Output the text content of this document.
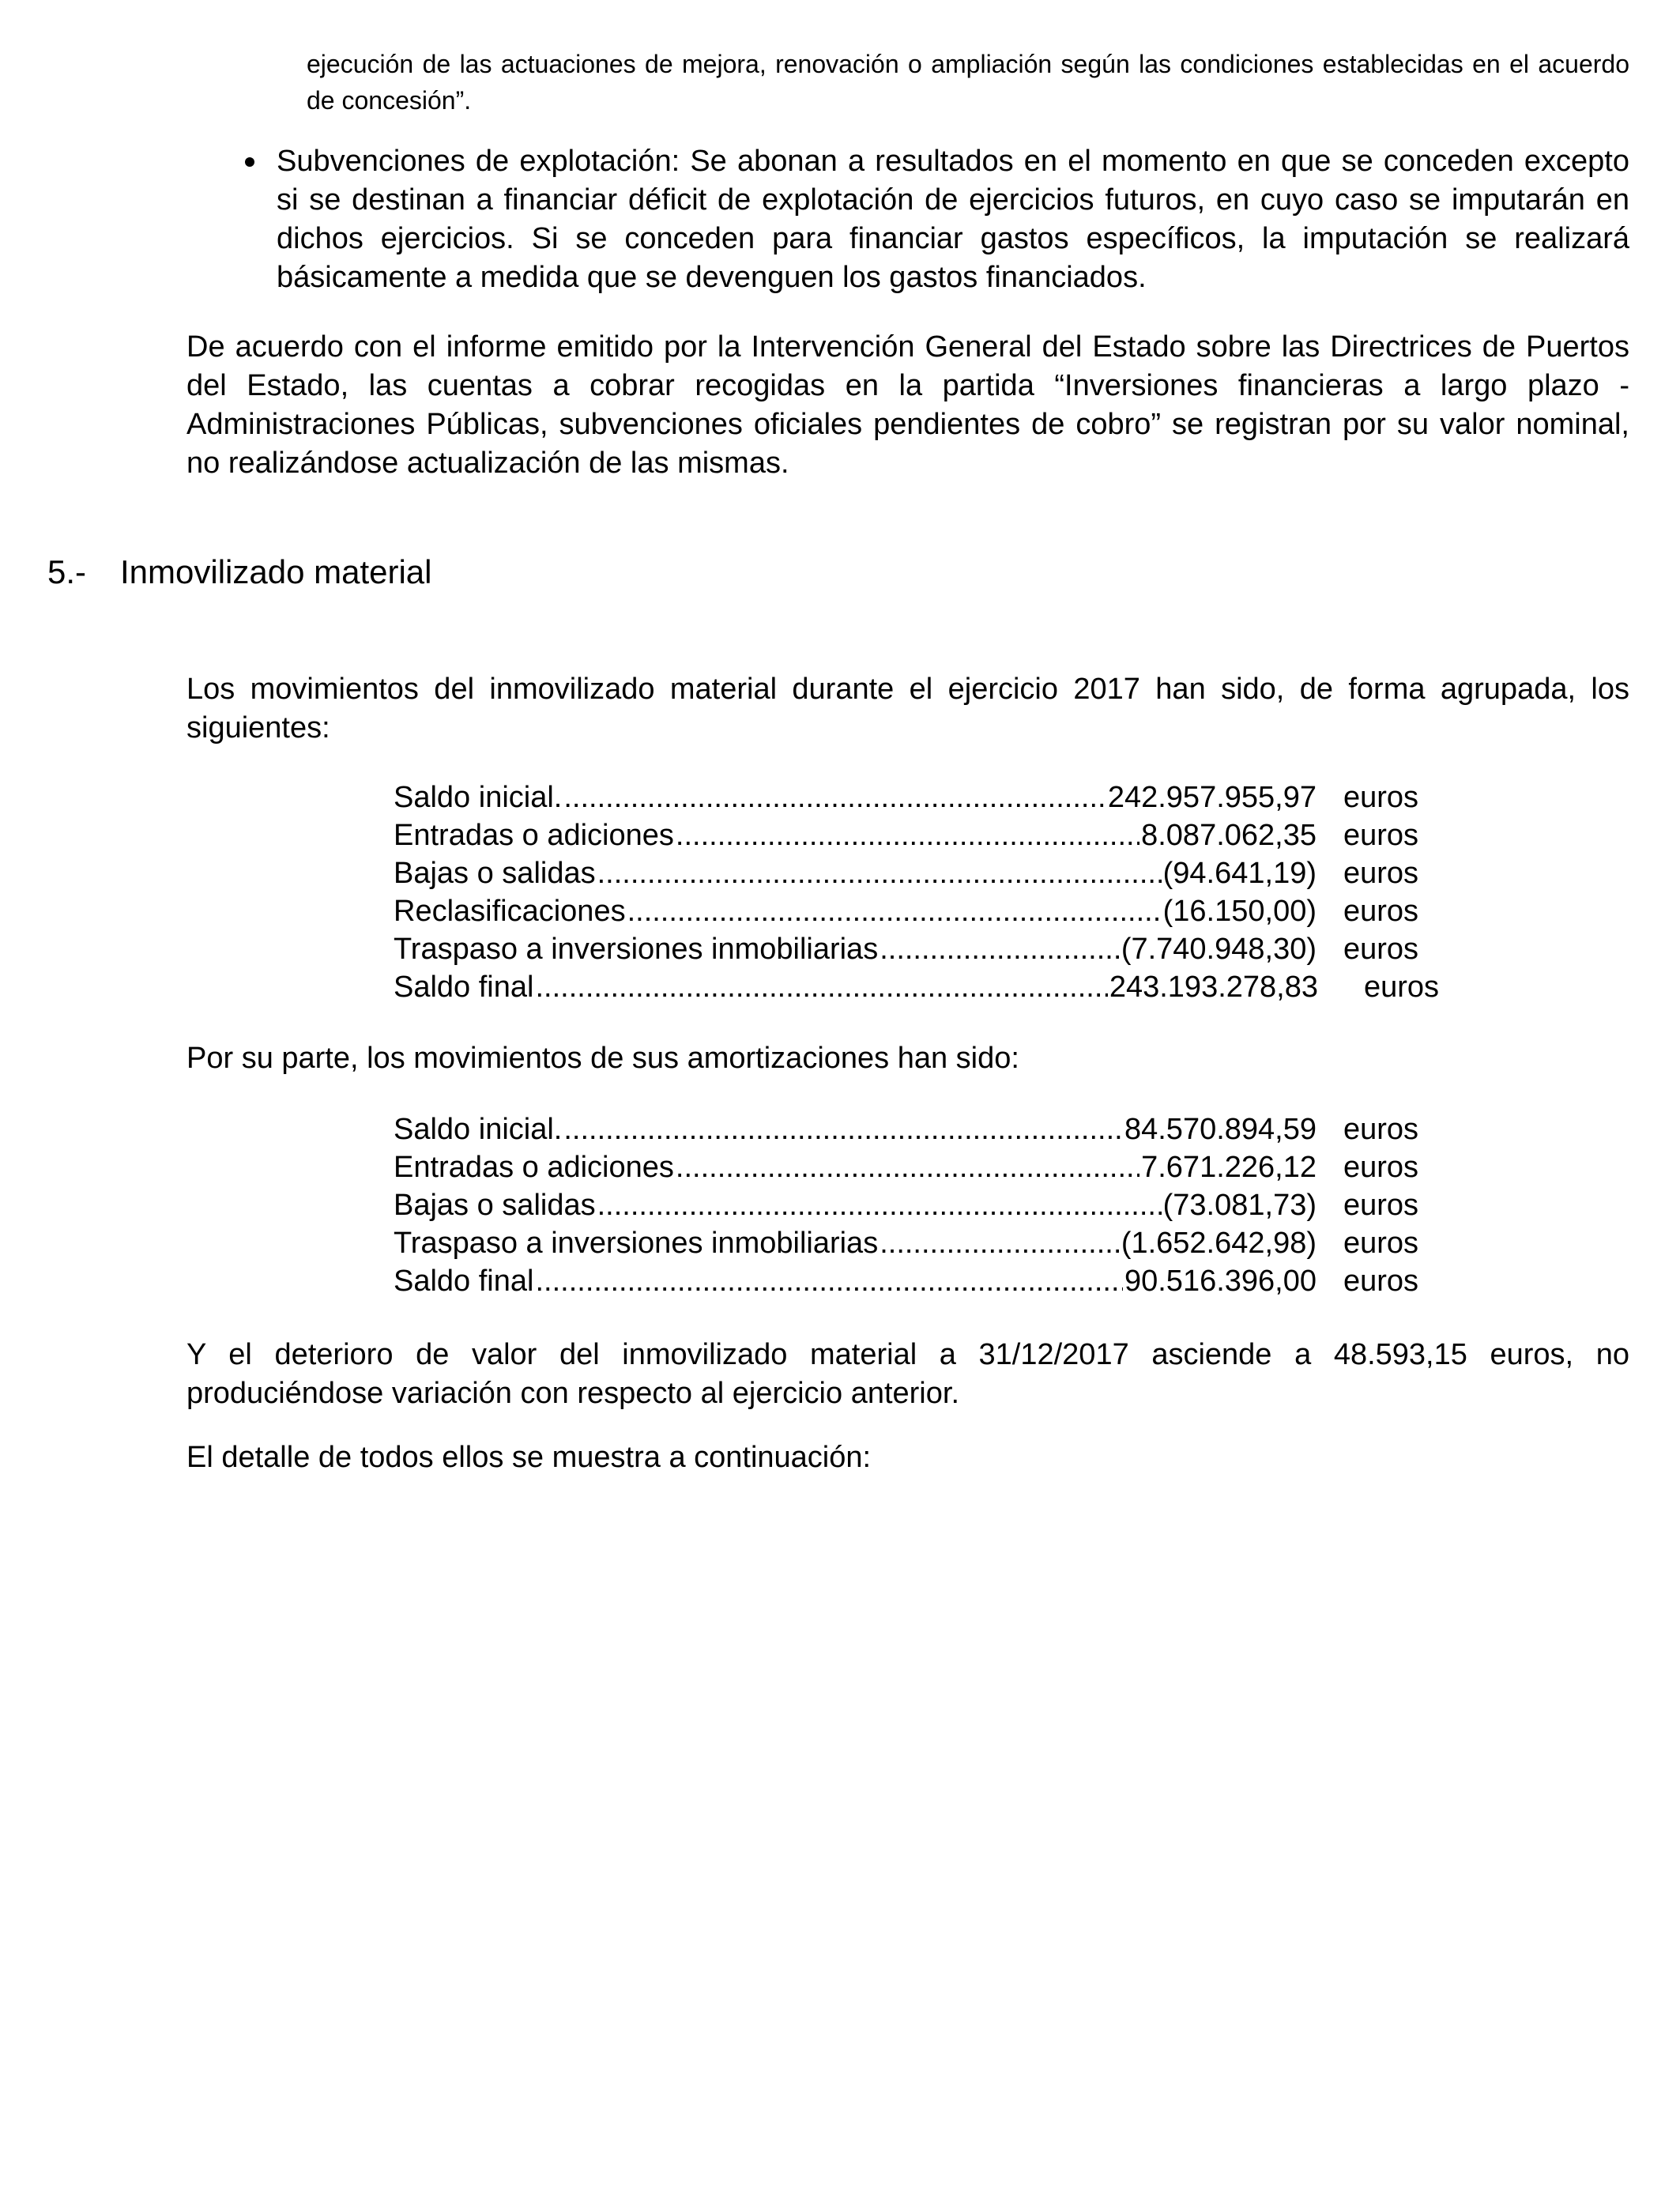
ejecución de las actuaciones de mejora, renovación o ampliación según las condiciones establecidas en el acuerdo de concesión”.

Subvenciones de explotación: Se abonan a resultados en el momento en que se conceden excepto si se destinan a financiar déficit de explotación de ejercicios futuros, en cuyo caso se imputarán en dichos ejercicios. Si se conceden para financiar gastos específicos, la imputación se realizará básicamente a medida que se devenguen los gastos financiados.

De acuerdo con el informe emitido por la Intervención General del Estado sobre las Directrices de Puertos del Estado, las cuentas a cobrar recogidas en la partida “Inversiones financieras a largo plazo - Administraciones Públicas, subvenciones oficiales pendientes de cobro” se registran por su valor nominal, no realizándose actualización de las mismas.

5.- Inmovilizado material

Los movimientos del inmovilizado material durante el ejercicio 2017 han sido, de forma agrupada, los siguientes:

Saldo inicial. .....	242.957.955,97 euros
Entradas o adiciones .....	8.087.062,35 euros
Bajas o salidas .....	(94.641,19) euros
Reclasificaciones .....	(16.150,00) euros
Traspaso a inversiones inmobiliarias .....	(7.740.948,30) euros
Saldo final .....	243.193.278,83 euros

Por su parte, los movimientos de sus amortizaciones han sido:

Saldo inicial. .....	84.570.894,59 euros
Entradas o adiciones .....	7.671.226,12 euros
Bajas o salidas .....	(73.081,73) euros
Traspaso a inversiones inmobiliarias .....	(1.652.642,98) euros
Saldo final .....	90.516.396,00 euros

Y el deterioro de valor del inmovilizado material a 31/12/2017 asciende a 48.593,15 euros, no produciéndose variación con respecto al ejercicio anterior.

El detalle de todos ellos se muestra a continuación:
